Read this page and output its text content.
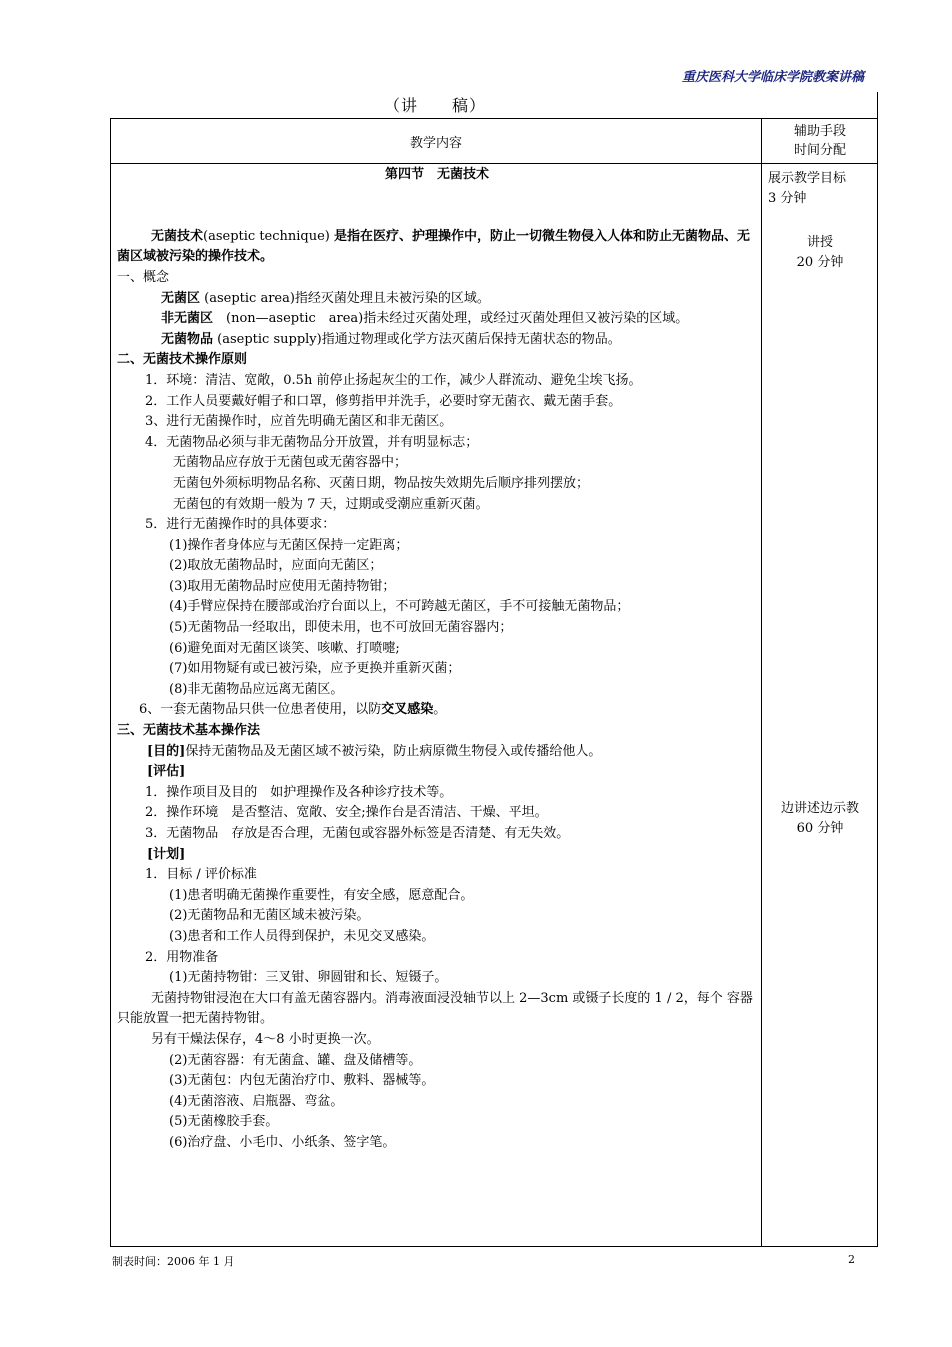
重庆医科大学临床学院教案讲稿
（讲　　稿）
教学内容
辅助手段
时间分配
展示教学目标
3 分钟
讲授
20 分钟
边讲述边示教
60 分钟

第四节　无菌技术

无菌技术(aseptic technique) 是指在医疗、护理操作中，防止一切微生物侵入人体和防止无菌物品、无菌区域被污染的操作技术。

一、概念

无菌区 (aseptic area)指经灭菌处理且未被污染的区域。

非无菌区　(non—aseptic　area)指未经过灭菌处理，或经过灭菌处理但又被污染的区域。

无菌物品 (aseptic supply)指通过物理或化学方法灭菌后保持无菌状态的物品。

二、无菌技术操作原则

1．环境：清洁、宽敞，0.5h 前停止扬起灰尘的工作，减少人群流动、避免尘埃飞扬。

2．工作人员要戴好帽子和口罩，修剪指甲并洗手，必要时穿无菌衣、戴无菌手套。

3、进行无菌操作时，应首先明确无菌区和非无菌区。

4．无菌物品必须与非无菌物品分开放置，并有明显标志；

无菌物品应存放于无菌包或无菌容器中；

无菌包外须标明物品名称、灭菌日期，物品按失效期先后顺序排列摆放；

无菌包的有效期一般为 7 天，过期或受潮应重新灭菌。

5．进行无菌操作时的具体要求：

(1)操作者身体应与无菌区保持一定距离；

(2)取放无菌物品时，应面向无菌区；

(3)取用无菌物品时应使用无菌持物钳；

(4)手臂应保持在腰部或治疗台面以上，不可跨越无菌区，手不可接触无菌物品；

(5)无菌物品一经取出，即使未用，也不可放回无菌容器内；

(6)避免面对无菌区谈笑、咳嗽、打喷嚏;

(7)如用物疑有或已被污染，应予更换并重新灭菌；

(8)非无菌物品应远离无菌区。

6、一套无菌物品只供一位患者使用，以防交叉感染。

三、无菌技术基本操作法

[目的]保持无菌物品及无菌区域不被污染，防止病原微生物侵入或传播给他人。

[评估]

1．操作项目及目的　如护理操作及各种诊疗技术等。

2．操作环境　是否整洁、宽敞、安全;操作台是否清洁、干燥、平坦。

3．无菌物品　存放是否合理，无菌包或容器外标签是否清楚、有无失效。

[计划]

1．目标 / 评价标准

(1)患者明确无菌操作重要性，有安全感，愿意配合。

(2)无菌物品和无菌区域未被污染。

(3)患者和工作人员得到保护，未见交叉感染。

2．用物准备

(1)无菌持物钳：三叉钳、卵圆钳和长、短镊子。

无菌持物钳浸泡在大口有盖无菌容器内。消毒液面浸没轴节以上 2—3cm 或镊子长度的 1 / 2，每个 容器只能放置一把无菌持物钳。

另有干燥法保存，4～8 小时更换一次。

(2)无菌容器：有无菌盒、罐、盘及储槽等。

(3)无菌包：内包无菌治疗巾、敷料、器械等。

(4)无菌溶液、启瓶器、弯盆。

(5)无菌橡胶手套。

(6)治疗盘、小毛巾、小纸条、签字笔。

制表时间：2006 年 1 月	2
